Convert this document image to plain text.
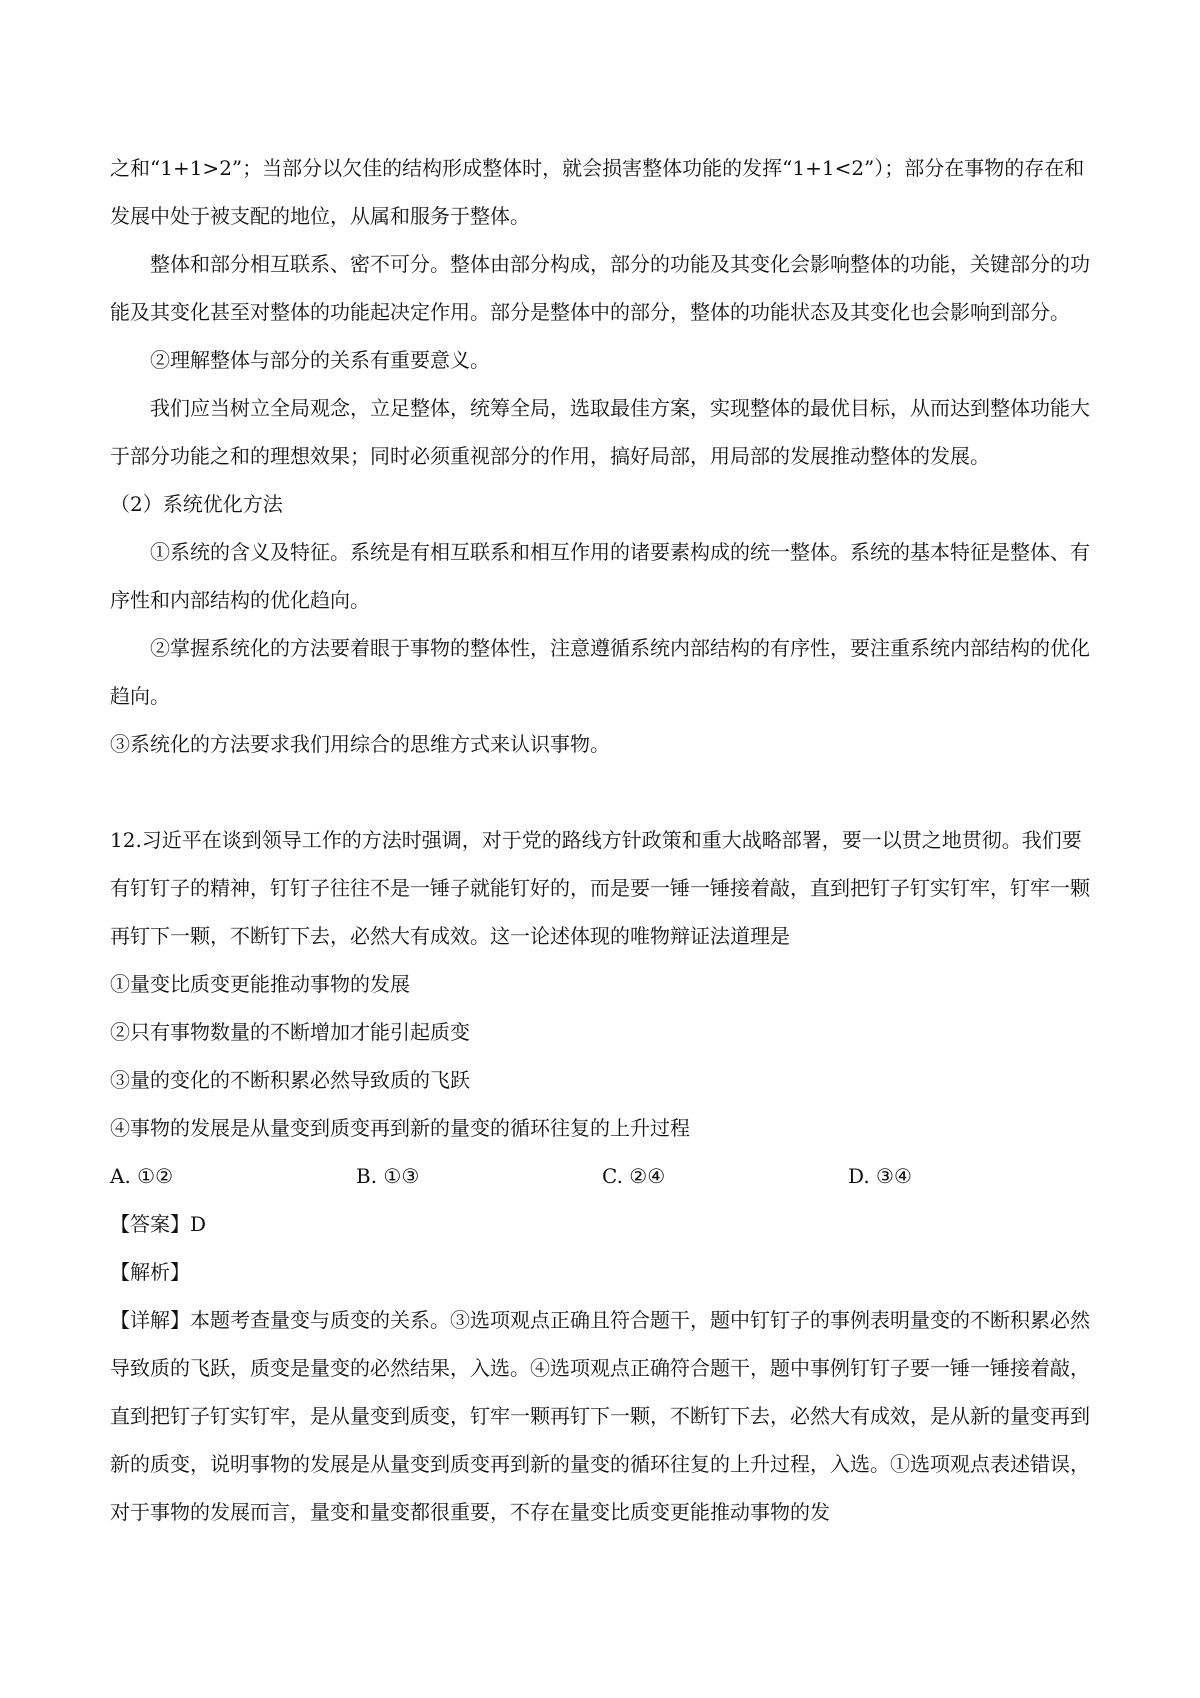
之和“1+1>2”；当部分以欠佳的结构形成整体时，就会损害整体功能的发挥“1+1<2”）；部分在事物的存在和发展中处于被支配的地位，从属和服务于整体。

整体和部分相互联系、密不可分。整体由部分构成，部分的功能及其变化会影响整体的功能，关键部分的功能及其变化甚至对整体的功能起决定作用。部分是整体中的部分，整体的功能状态及其变化也会影响到部分。

②理解整体与部分的关系有重要意义。

我们应当树立全局观念，立足整体，统筹全局，选取最佳方案，实现整体的最优目标，从而达到整体功能大于部分功能之和的理想效果；同时必须重视部分的作用，搞好局部，用局部的发展推动整体的发展。

（2）系统优化方法

①系统的含义及特征。系统是有相互联系和相互作用的诸要素构成的统一整体。系统的基本特征是整体、有序性和内部结构的优化趋向。

②掌握系统化的方法要着眼于事物的整体性，注意遵循系统内部结构的有序性，要注重系统内部结构的优化趋向。

③系统化的方法要求我们用综合的思维方式来认识事物。

12.习近平在谈到领导工作的方法时强调，对于党的路线方针政策和重大战略部署，要一以贯之地贯彻。我们要有钉钉子的精神，钉钉子往往不是一锤子就能钉好的，而是要一锤一锤接着敲，直到把钉子钉实钉牢，钉牢一颗再钉下一颗，不断钉下去，必然大有成效。这一论述体现的唯物辩证法道理是

①量变比质变更能推动事物的发展

②只有事物数量的不断增加才能引起质变

③量的变化的不断积累必然导致质的飞跃

④事物的发展是从量变到质变再到新的量变的循环往复的上升过程

A. ①②	B. ①③	C. ②④	D. ③④

【答案】D

【解析】

【详解】本题考查量变与质变的关系。③选项观点正确且符合题干，题中钉钉子的事例表明量变的不断积累必然导致质的飞跃，质变是量变的必然结果，入选。④选项观点正确符合题干，题中事例钉钉子要一锤一锤接着敲，直到把钉子钉实钉牢，是从量变到质变，钉牢一颗再钉下一颗，不断钉下去，必然大有成效，是从新的量变再到新的质变，说明事物的发展是从量变到质变再到新的量变的循环往复的上升过程，入选。①选项观点表述错误，对于事物的发展而言，量变和量变都很重要，不存在量变比质变更能推动事物的发
